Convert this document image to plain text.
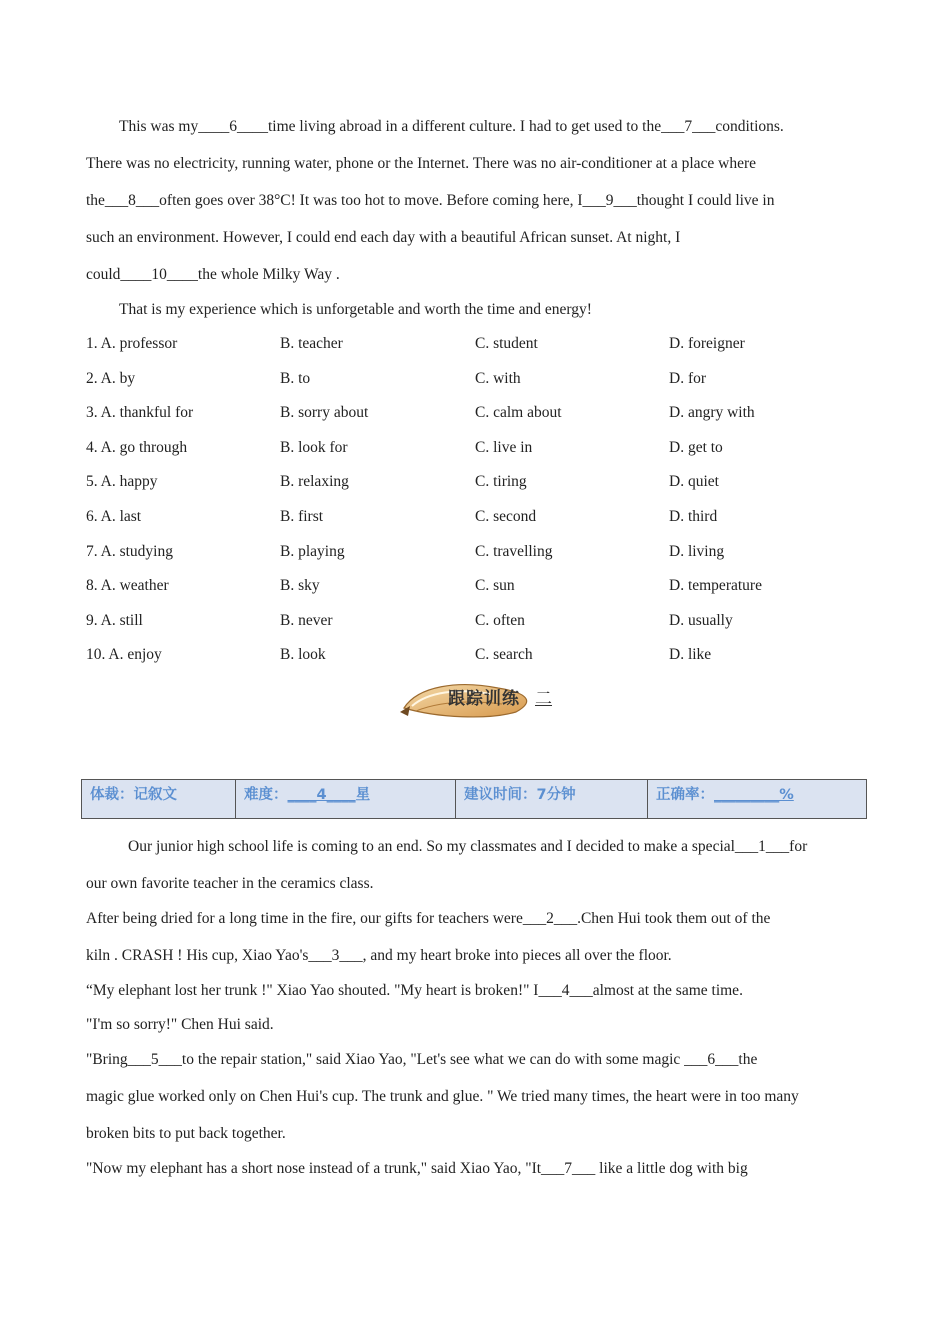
This was my____6____time living abroad in a different culture. I had to get used to the___7___conditions.
There was no electricity, running water, phone or the Internet. There was no air-conditioner at a place where
the___8___often goes over 38°C! It was too hot to move. Before coming here, I___9___thought I could live in
such an environment. However, I could end each day with a beautiful African sunset. At night, I
could____10____the whole Milky Way .

That is my experience which is unforgetable and worth the time and energy!

1. A. professor	B. teacher	C. student	D. foreigner
2. A. by	B. to	C. with	D. for
3. A. thankful for	B. sorry about	C. calm about	D. angry with
4. A. go through	B. look for	C. live in	D. get to
5. A. happy	B. relaxing	C. tiring	D. quiet
6. A. last	B. first	C. second	D. third
7. A. studying	B. playing	C. travelling	D. living
8. A. weather	B. sky	C. sun	D. temperature
9. A. still	B. never	C. often	D. usually
10. A. enjoy	B. look	C. search	D. like
跟踪训练 二
体裁：记叙文	难度：____4____星	建议时间：7分钟	正确率：_________%

Our junior high school life is coming to an end. So my classmates and I decided to make a special___1___for
our own favorite teacher in the ceramics class.

After being dried for a long time in the fire, our gifts for teachers were___2___.Chen Hui took them out of the
kiln . CRASH ! His cup, Xiao Yao's___3___, and my heart broke into pieces all over the floor.

“My elephant lost her trunk !" Xiao Yao shouted. "My heart is broken!" I___4___almost at the same time.

"I'm so sorry!" Chen Hui said.

"Bring___5___to the repair station," said Xiao Yao, "Let's see what we can do with some magic ___6___the
magic glue worked only on Chen Hui's cup. The trunk and glue. " We tried many times, the heart were in too many
broken bits to put back together.

"Now my elephant has a short nose instead of a trunk," said Xiao Yao, "It___7___ like a little dog with big
